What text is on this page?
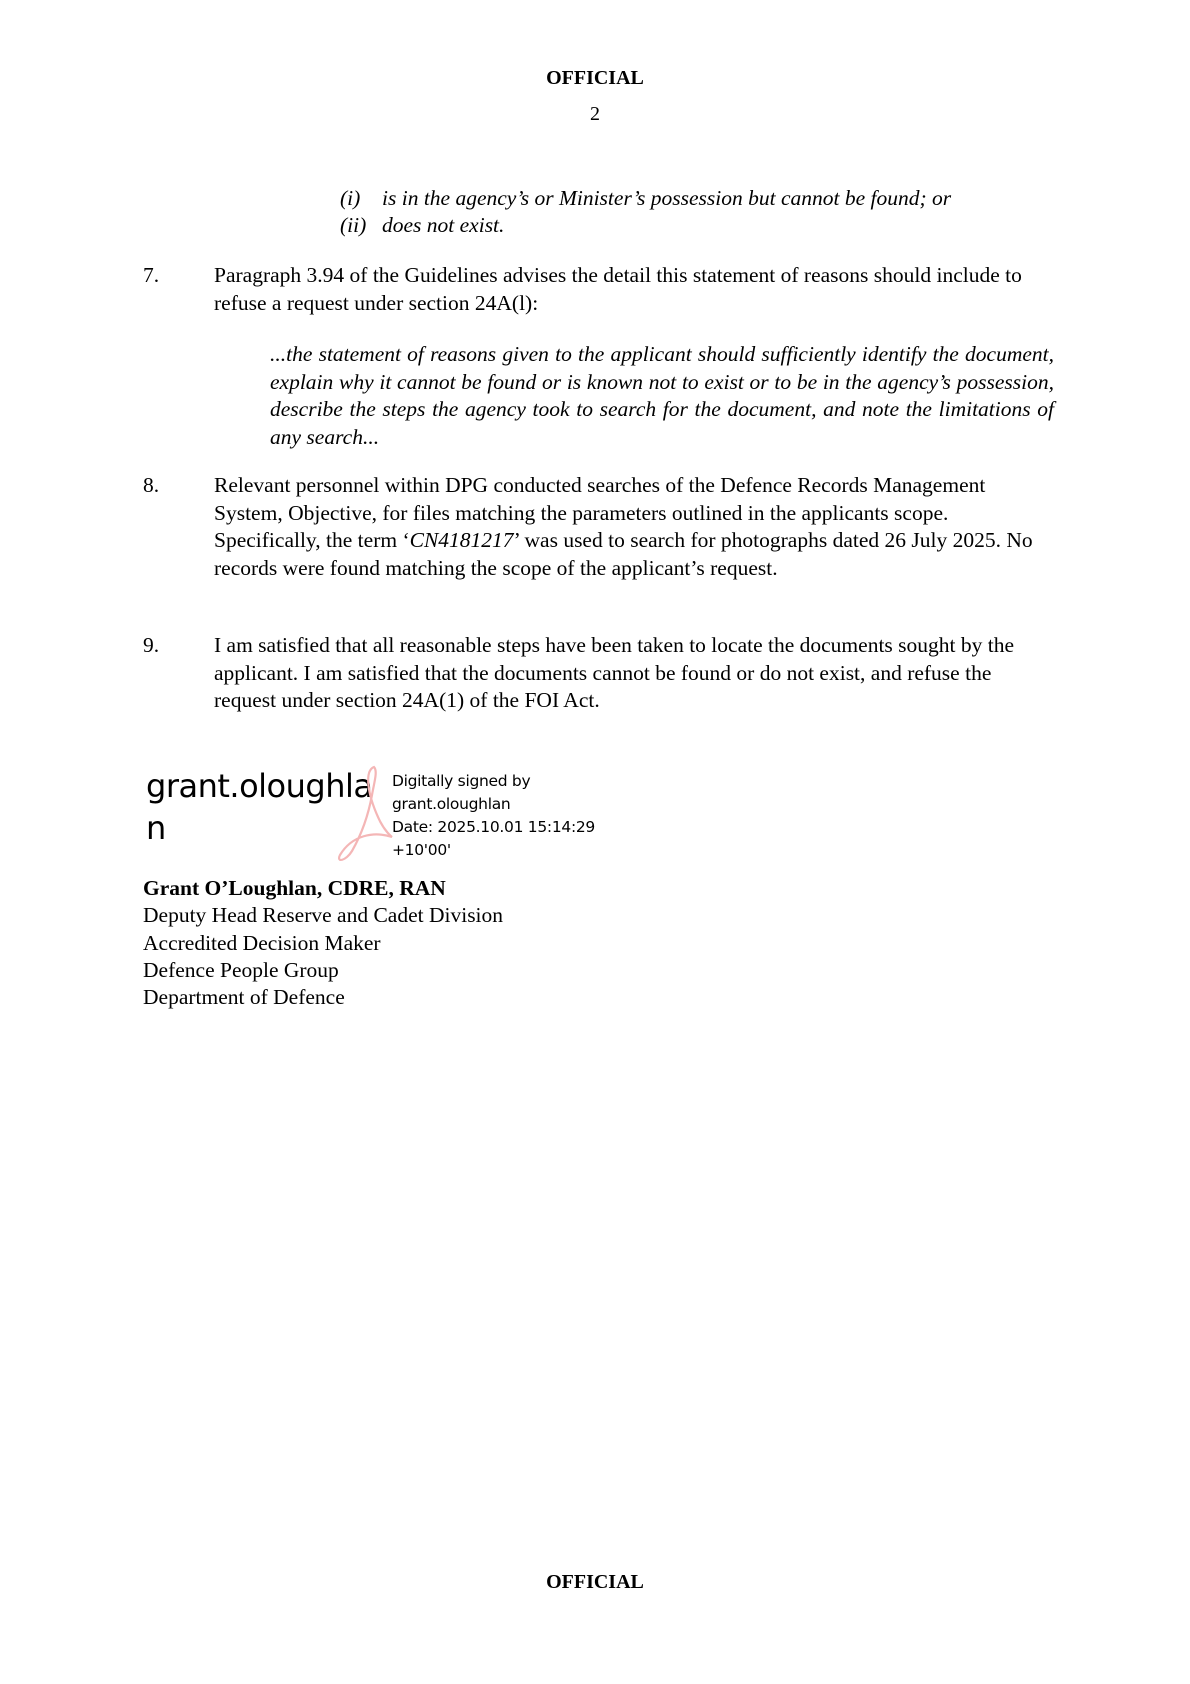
OFFICIAL
2
(i)	is in the agency’s or Minister’s possession but cannot be found; or
(ii) does not exist.
7.	Paragraph 3.94 of the Guidelines advises the detail this statement of reasons should include to refuse a request under section 24A(l):
...the statement of reasons given to the applicant should sufficiently identify the document, explain why it cannot be found or is known not to exist or to be in the agency’s possession, describe the steps the agency took to search for the document, and note the limitations of any search...
8.	Relevant personnel within DPG conducted searches of the Defence Records Management System, Objective, for files matching the parameters outlined in the applicants scope. Specifically, the term ‘CN4181217’ was used to search for photographs dated 26 July 2025. No records were found matching the scope of the applicant’s request.
9.	I am satisfied that all reasonable steps have been taken to locate the documents sought by the applicant. I am satisfied that the documents cannot be found or do not exist, and refuse the request under section 24A(1) of the FOI Act.
grant.oloughlan
Digitally signed by
grant.oloughlan
Date: 2025.10.01 15:14:29
+10'00'
Grant O’Loughlan, CDRE, RAN
Deputy Head Reserve and Cadet Division
Accredited Decision Maker
Defence People Group
Department of Defence
OFFICIAL
